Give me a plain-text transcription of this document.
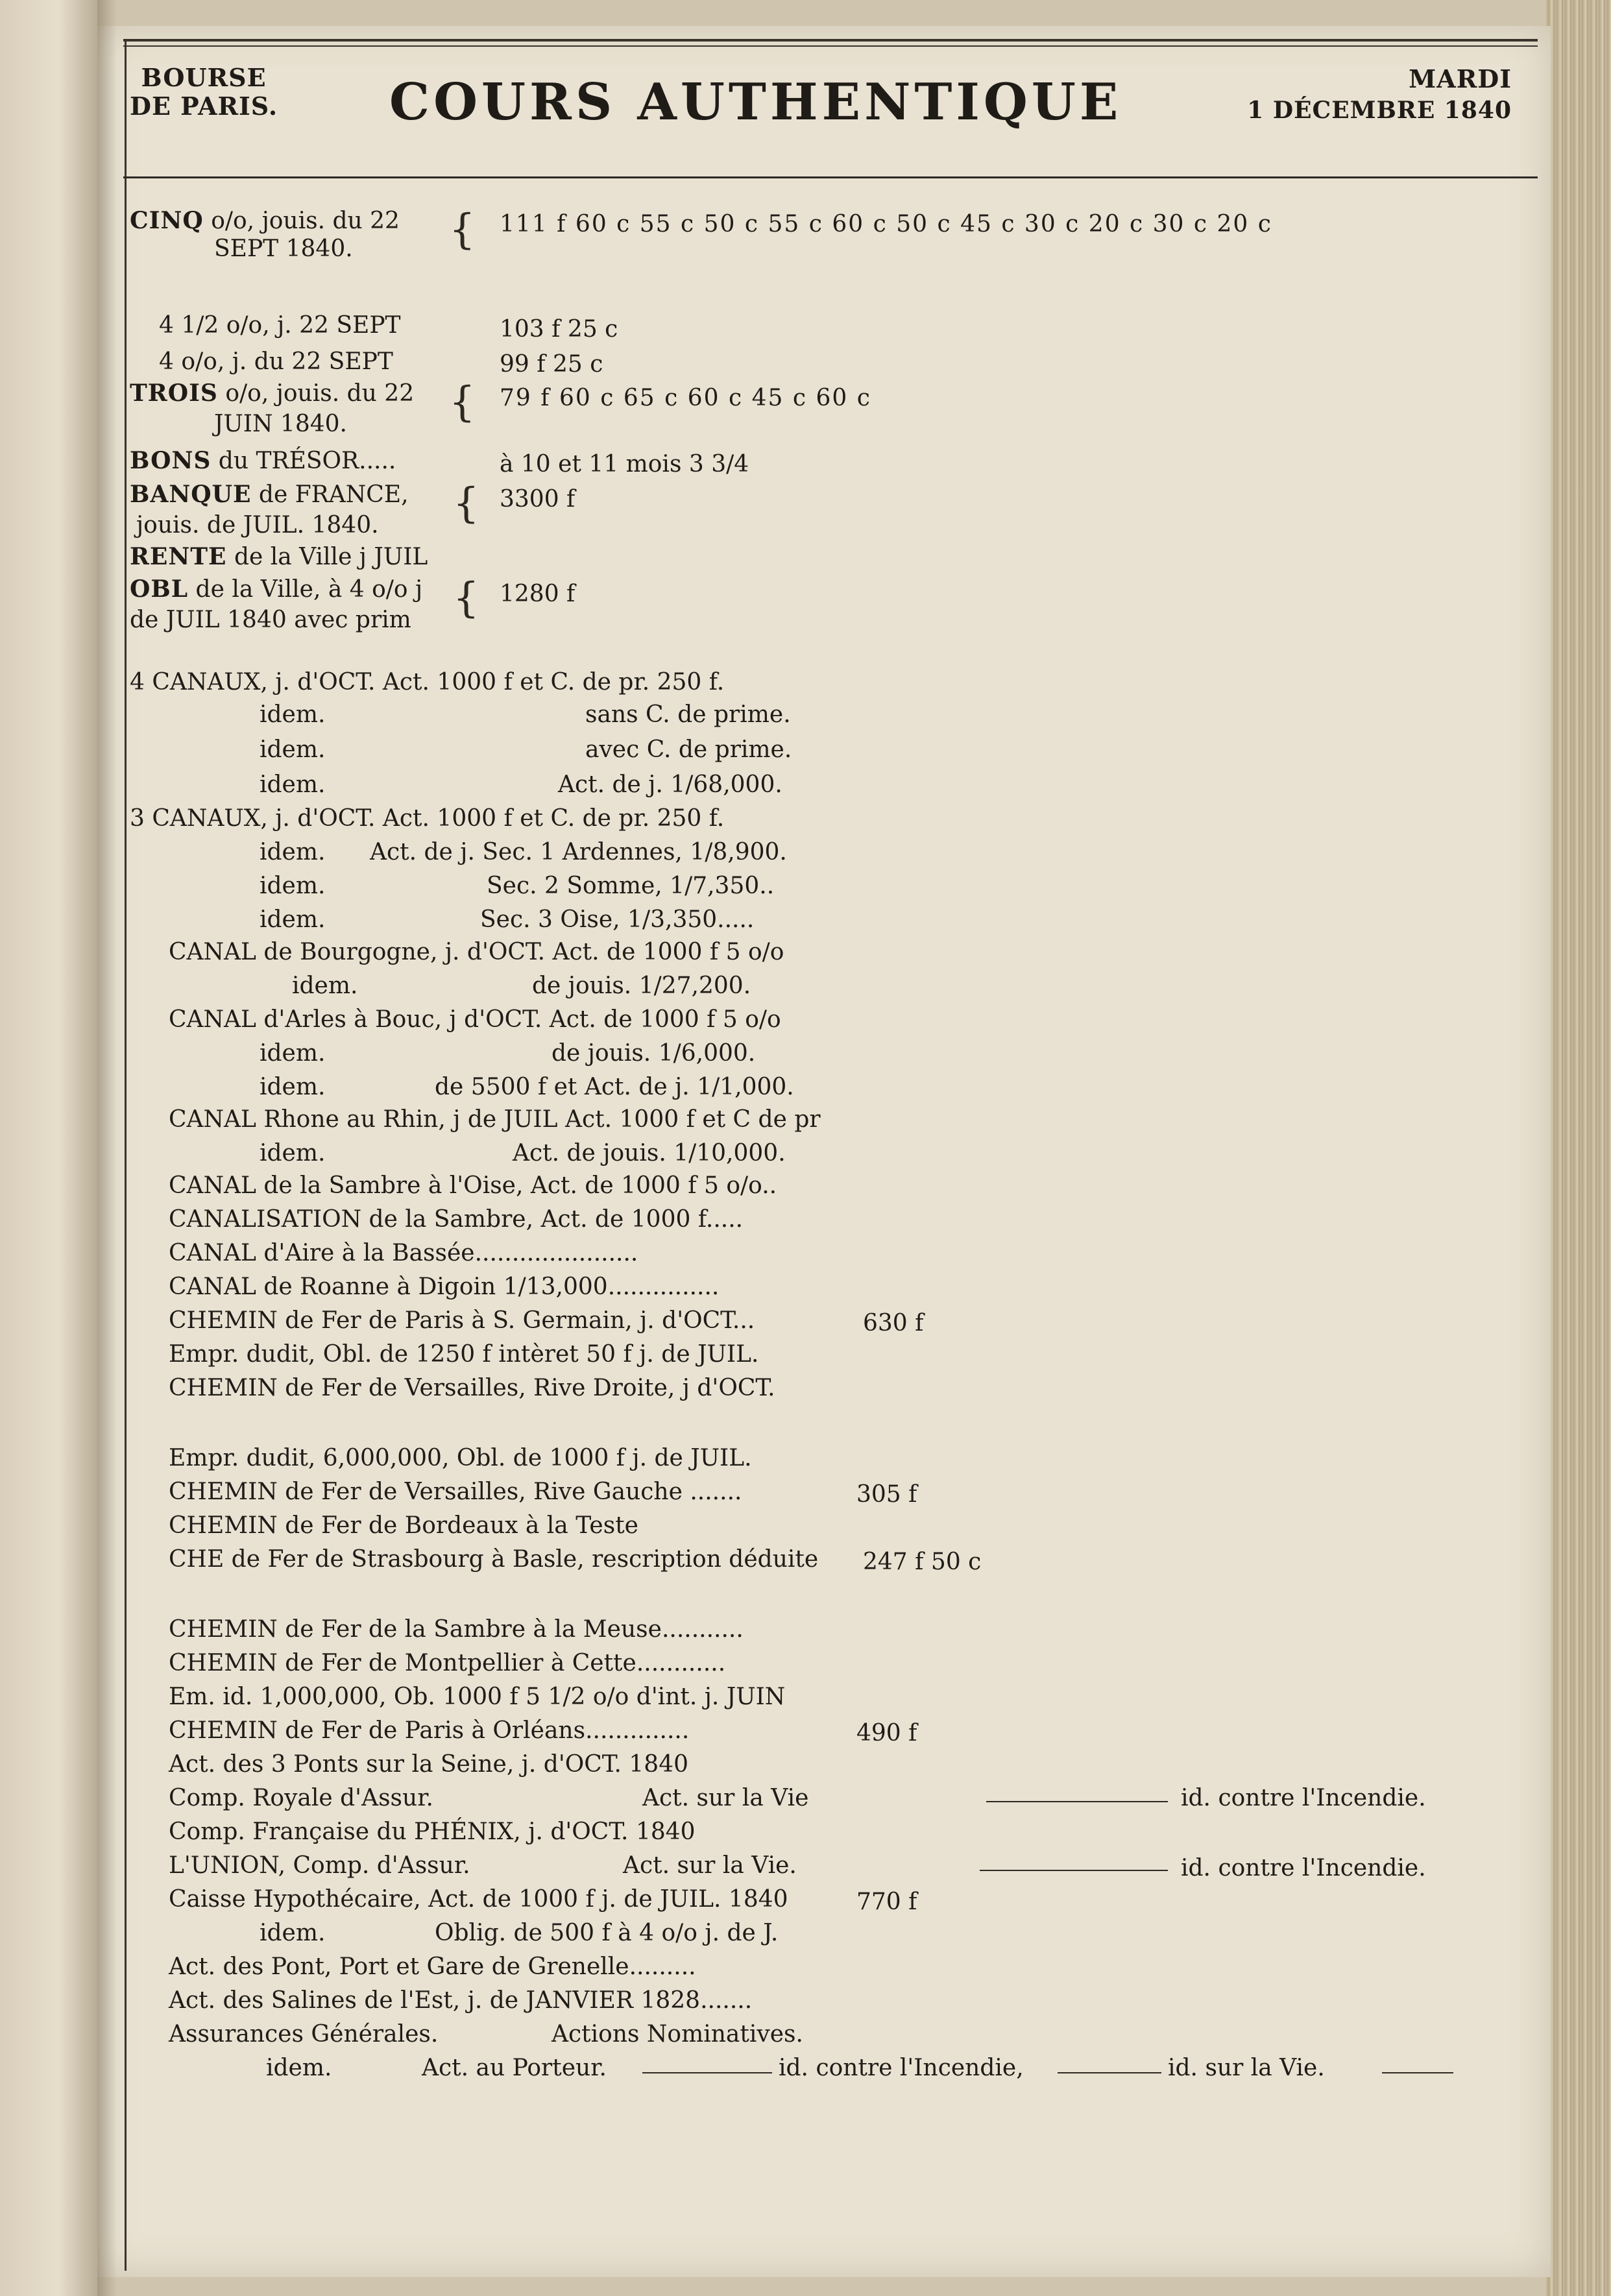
BOURSE
DE PARIS. COURS AUTHENTIQUE	MARDI
1 DÉCEMBRE 1840
CINQ o/o, jouis. du 22
SEPT 1840. { 111 f 60 c 55 c 50 c 55 c 60 c 50 c 45 c 30 c 20 c 30 c 20 c
4 1/2 o/o, j. 22 SEPT	103 f 25 c
4 o/o, j. du 22 SEPT	99 f 25 c
TROIS o/o, jouis. du 22
JUIN 1840. { 79 f 60 c 65 c 60 c 45 c 60 c
BONS du TRÉSOR.....	à 10 et 11 mois 3 3/4
BANQUE de FRANCE,
jouis. de JUIL. 1840. { 3300 f
RENTE de la Ville j JUIL
OBL de la Ville, à 4 o/o j
de JUIL 1840 avec prim { 1280 f
4 CANAUX, j. d'OCT. Act. 1000 f et C. de pr. 250 f.
idem.	sans C. de prime.
idem.	avec C. de prime.
idem.	Act. de j. 1/68,000.
3 CANAUX, j. d'OCT. Act. 1000 f et C. de pr. 250 f.
idem. Act. de j. Sec. 1 Ardennes, 1/8,900.
idem.	Sec. 2 Somme, 1/7,350..
idem.	Sec. 3 Oise, 1/3,350.....
CANAL de Bourgogne, j. d'OCT. Act. de 1000 f 5 o/o
idem.	de jouis. 1/27,200.
CANAL d'Arles à Bouc, j d'OCT. Act. de 1000 f 5 o/o
idem.	de jouis. 1/6,000.
idem.	de 5500 f et Act. de j. 1/1,000.
CANAL Rhone au Rhin, j de JUIL Act. 1000 f et C de pr
idem.	Act. de jouis. 1/10,000.
CANAL de la Sambre à l'Oise, Act. de 1000 f 5 o/o..
CANALISATION de la Sambre, Act. de 1000 f.....
CANAL d'Aire à la Bassée......................
CANAL de Roanne à Digoin 1/13,000...............
CHEMIN de Fer de Paris à S. Germain, j. d'OCT...	630 f
Empr. dudit, Obl. de 1250 f intèret 50 f j. de JUIL.
CHEMIN de Fer de Versailles, Rive Droite, j d'OCT.
Empr. dudit, 6,000,000, Obl. de 1000 f j. de JUIL.
CHEMIN de Fer de Versailles, Rive Gauche .......	305 f
CHEMIN de Fer de Bordeaux à la Teste
CHE de Fer de Strasbourg à Basle, rescription déduite 247 f 50 c
CHEMIN de Fer de la Sambre à la Meuse...........
CHEMIN de Fer de Montpellier à Cette............
Em. id. 1,000,000, Ob. 1000 f 5 1/2 o/o d'int. j. JUIN
CHEMIN de Fer de Paris à Orléans..............	490 f
Act. des 3 Ponts sur la Seine, j. d'OCT. 1840
Comp. Royale d'Assur.	Act. sur la Vie	id. contre l'Incendie.
Comp. Française du PHÉNIX, j. d'OCT. 1840
L'UNION, Comp. d'Assur.	Act. sur la Vie.	id. contre l'Incendie.
Caisse Hypothécaire, Act. de 1000 f j. de JUIL. 1840	770 f
idem.	Oblig. de 500 f à 4 o/o j. de J.
Act. des Pont, Port et Gare de Grenelle.........
Act. des Salines de l'Est, j. de JANVIER 1828.......
Assurances Générales.	Actions Nominatives.
idem.	Act. au Porteur.	id. contre l'Incendie,	id. sur la Vie.
